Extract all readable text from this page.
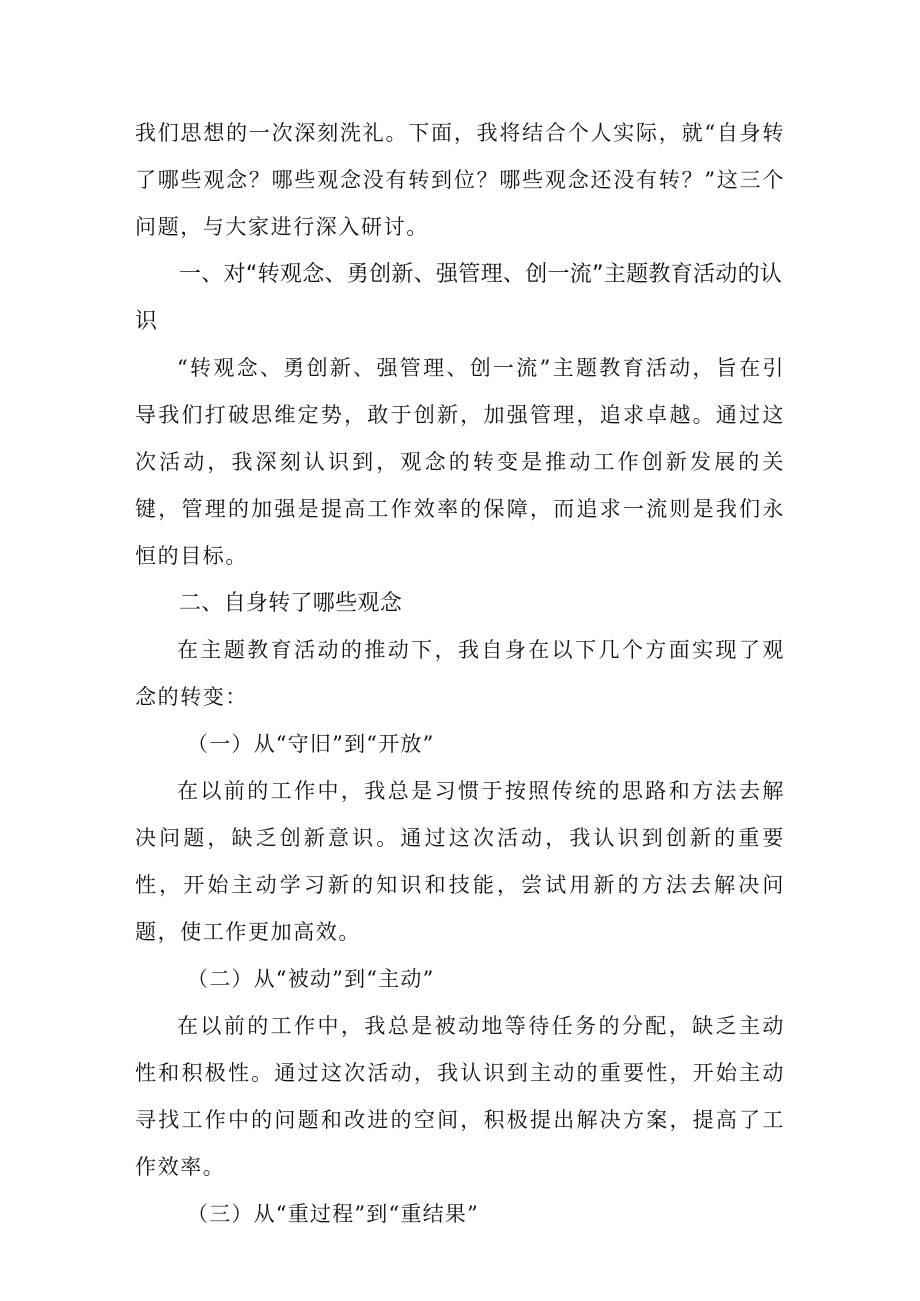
我们思想的一次深刻洗礼。下面，我将结合个人实际，就“自身转了哪些观念？哪些观念没有转到位？哪些观念还没有转？”这三个问题，与大家进行深入研讨。

一、对“转观念、勇创新、强管理、创一流”主题教育活动的认识

“转观念、勇创新、强管理、创一流”主题教育活动，旨在引导我们打破思维定势，敢于创新，加强管理，追求卓越。通过这次活动，我深刻认识到，观念的转变是推动工作创新发展的关键，管理的加强是提高工作效率的保障，而追求一流则是我们永恒的目标。

二、自身转了哪些观念

在主题教育活动的推动下，我自身在以下几个方面实现了观念的转变：

（一）从“守旧”到“开放”

在以前的工作中，我总是习惯于按照传统的思路和方法去解决问题，缺乏创新意识。通过这次活动，我认识到创新的重要性，开始主动学习新的知识和技能，尝试用新的方法去解决问题，使工作更加高效。

（二）从“被动”到“主动”

在以前的工作中，我总是被动地等待任务的分配，缺乏主动性和积极性。通过这次活动，我认识到主动的重要性，开始主动寻找工作中的问题和改进的空间，积极提出解决方案，提高了工作效率。

（三）从“重过程”到“重结果”
